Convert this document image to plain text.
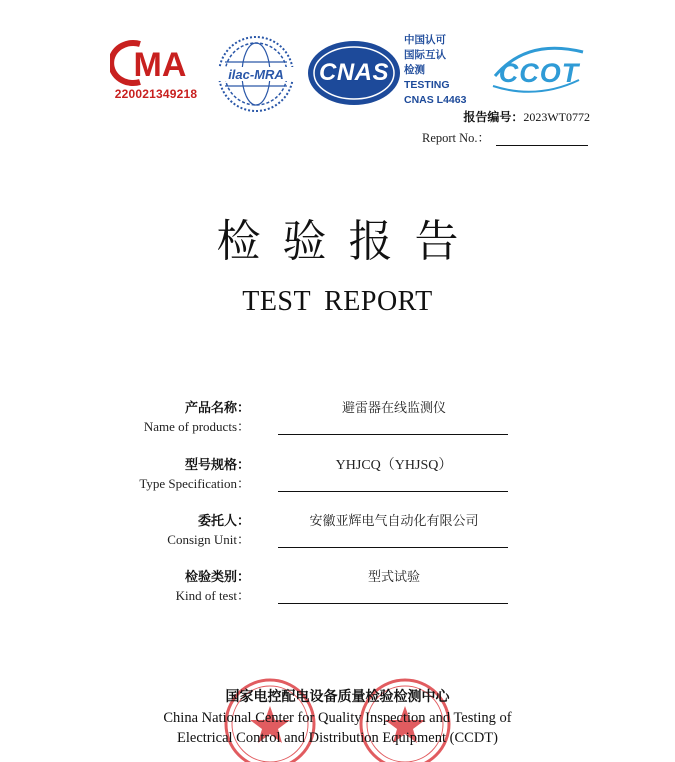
MA
220021349218
ilac-MRA	CNAS
中国认可
国际互认
检测
TESTING
CNAS L4463
CCOT
报告编号：2023WT0772
Report No.：
检验报告
TEST REPORT
产品名称：
Name of products：
避雷器在线监测仪
型号规格：
Type Specification：
YHJCQ（YHJSQ）
委托人：
Consign Unit：
安徽亚辉电气自动化有限公司
检验类别：
Kind of test：
型式试验
国家电控配电设备质量检验检测中心
China National Center for Quality Inspection and Testing of
Electrical Control and Distribution Equipment (CCDT)
